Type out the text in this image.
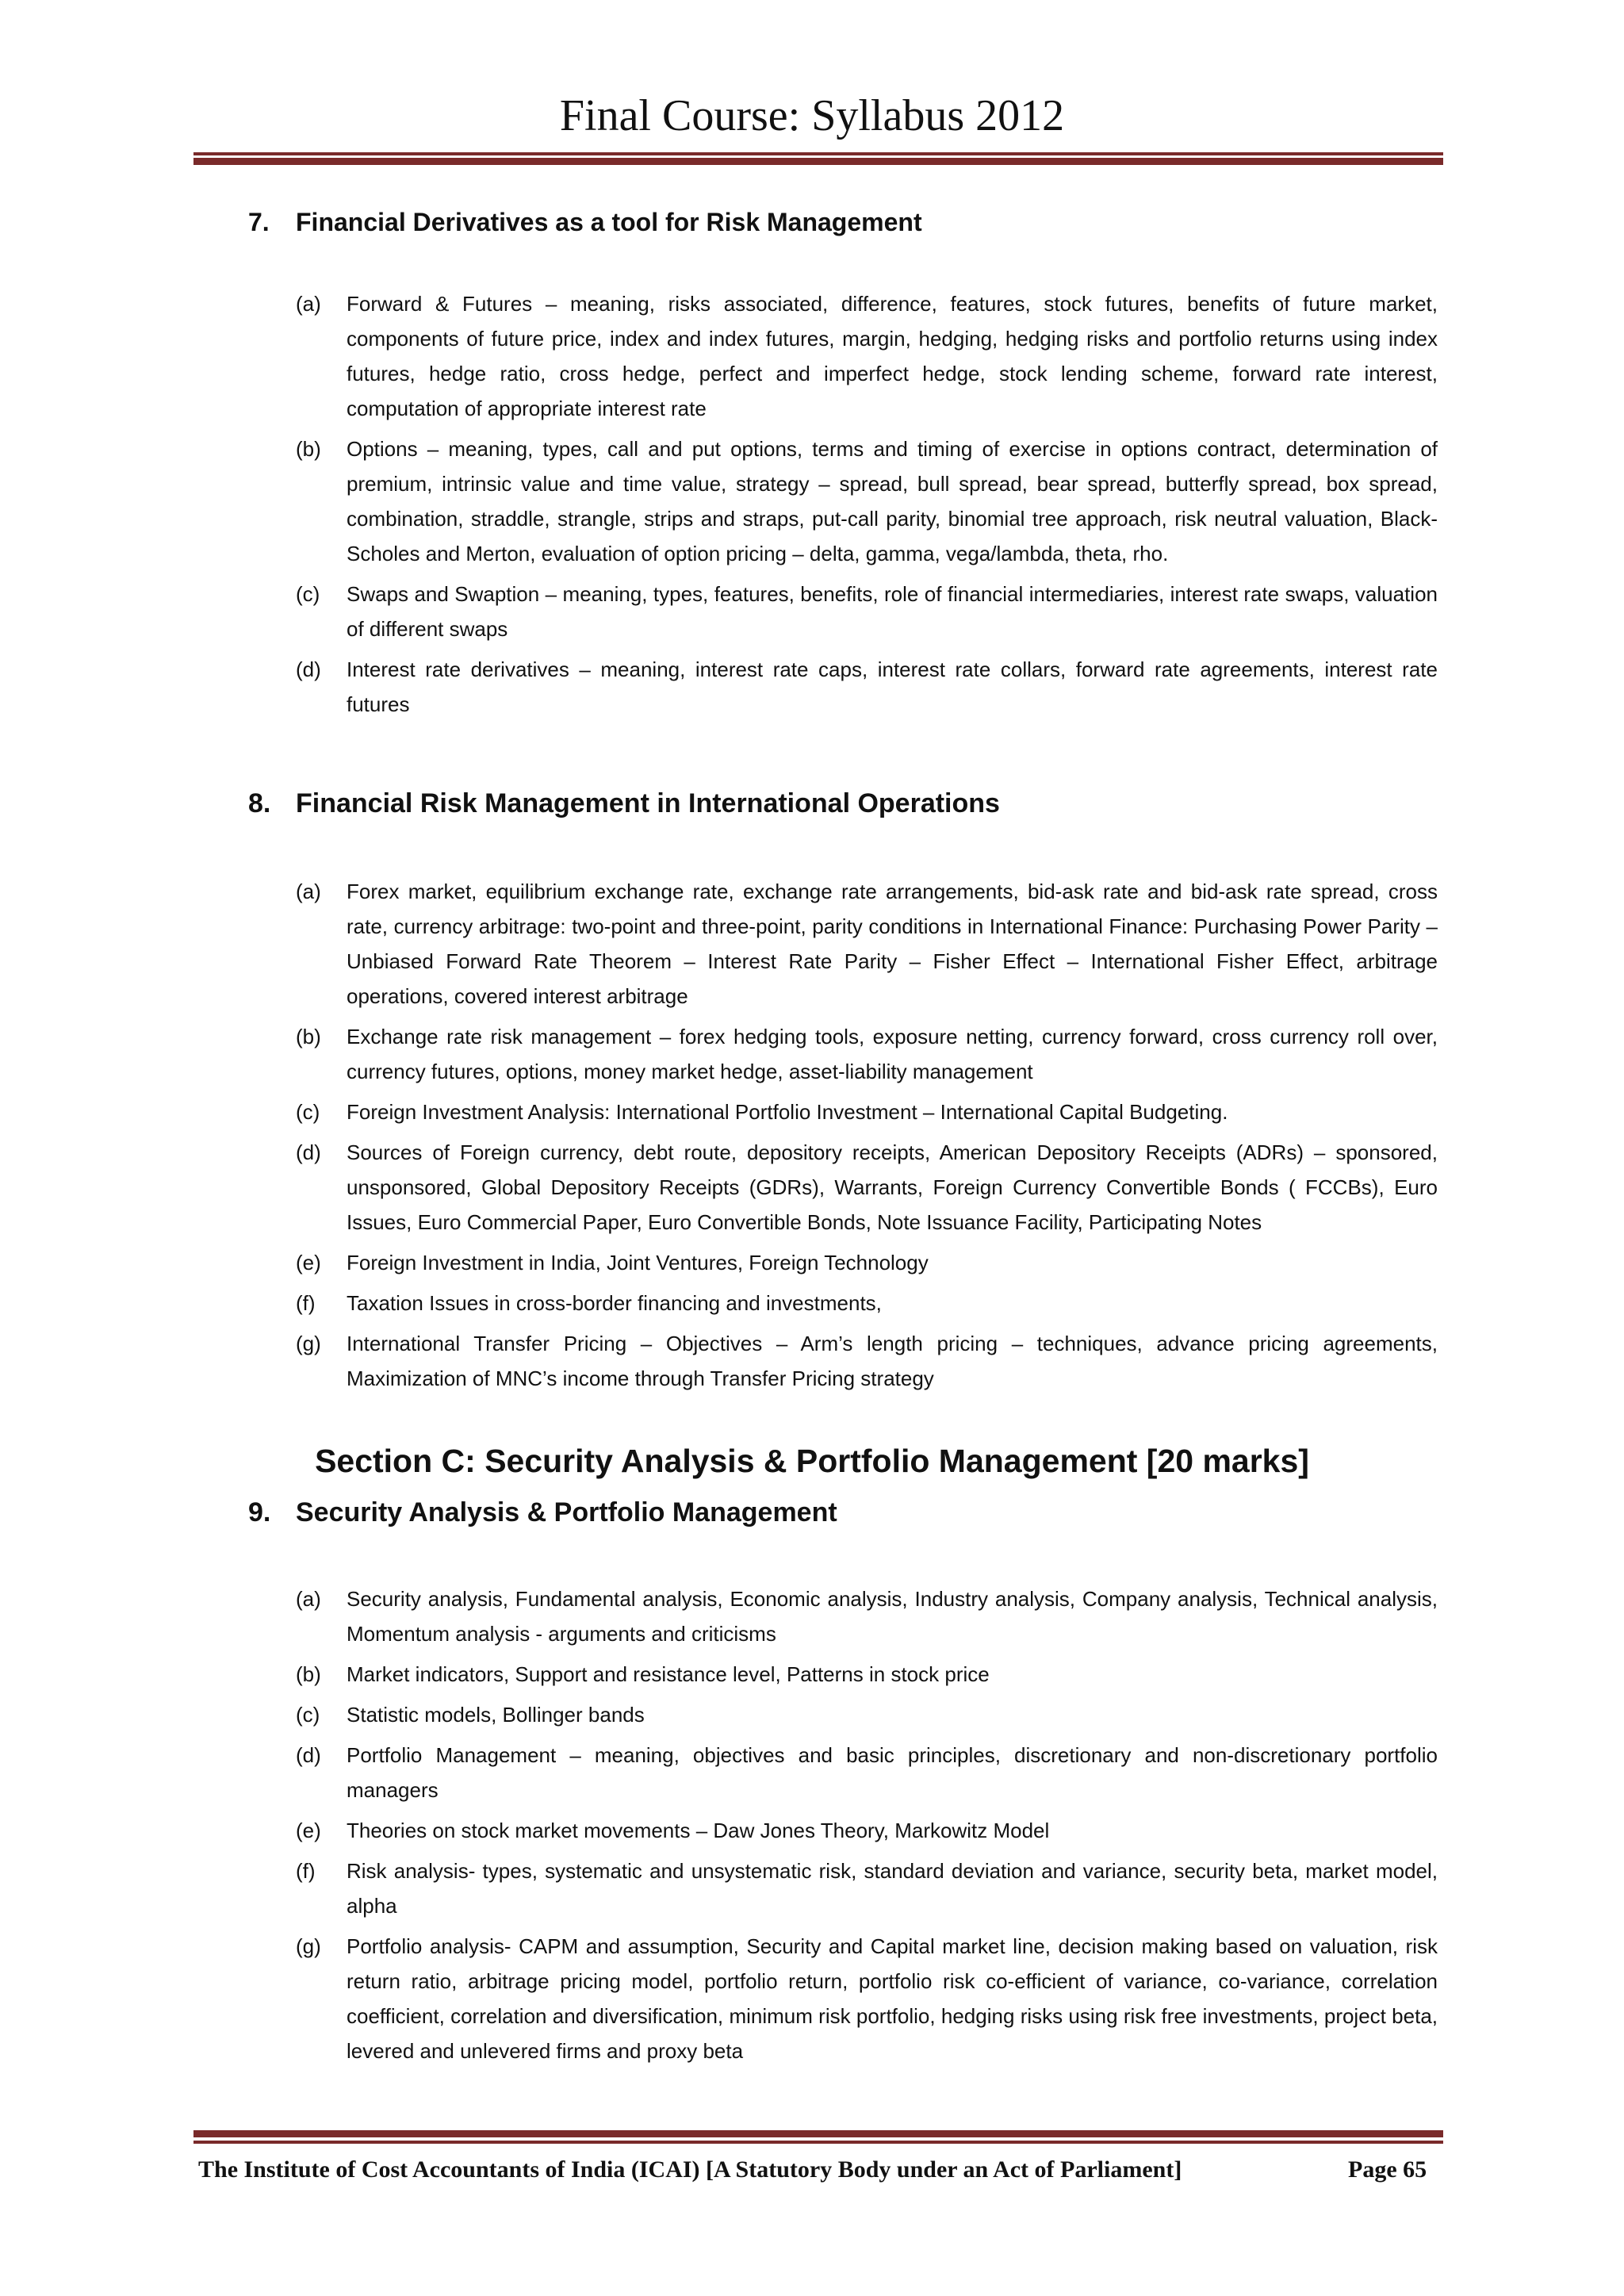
Final Course: Syllabus 2012
7. Financial Derivatives as a tool for Risk Management
(a) Forward & Futures – meaning, risks associated, difference, features, stock futures, benefits of future market, components of future price, index and index futures, margin, hedging, hedging risks and portfolio returns using index futures, hedge ratio, cross hedge, perfect and imperfect hedge, stock lending scheme, forward rate interest, computation of appropriate interest rate
(b) Options – meaning, types, call and put options, terms and timing of exercise in options contract, determination of premium, intrinsic value and time value, strategy – spread, bull spread, bear spread, butterfly spread, box spread, combination, straddle, strangle, strips and straps, put-call parity, binomial tree approach, risk neutral valuation, Black-Scholes and Merton, evaluation of option pricing – delta, gamma, vega/lambda, theta, rho.
(c) Swaps and Swaption – meaning, types, features, benefits, role of financial intermediaries, interest rate swaps, valuation of different swaps
(d) Interest rate derivatives – meaning, interest rate caps, interest rate collars, forward rate agreements, interest rate futures
8. Financial Risk Management in International Operations
(a) Forex market, equilibrium exchange rate, exchange rate arrangements, bid-ask rate and bid-ask rate spread, cross rate, currency arbitrage: two-point and three-point, parity conditions in International Finance: Purchasing Power Parity – Unbiased Forward Rate Theorem – Interest Rate Parity – Fisher Effect – International Fisher Effect, arbitrage operations, covered interest arbitrage
(b) Exchange rate risk management – forex hedging tools, exposure netting, currency forward, cross currency roll over, currency futures, options, money market hedge, asset-liability management
(c) Foreign Investment Analysis: International Portfolio Investment – International Capital Budgeting.
(d) Sources of Foreign currency, debt route, depository receipts, American Depository Receipts (ADRs) – sponsored, unsponsored, Global Depository Receipts (GDRs), Warrants, Foreign Currency Convertible Bonds ( FCCBs), Euro Issues, Euro Commercial Paper, Euro Convertible Bonds, Note Issuance Facility, Participating Notes
(e) Foreign Investment in India, Joint Ventures, Foreign Technology
(f) Taxation Issues in cross-border financing and investments,
(g) International Transfer Pricing – Objectives – Arm’s length pricing – techniques, advance pricing agreements, Maximization of MNC’s income through Transfer Pricing strategy
Section C: Security Analysis & Portfolio Management [20 marks]
9. Security Analysis & Portfolio Management
(a) Security analysis, Fundamental analysis, Economic analysis, Industry analysis, Company analysis, Technical analysis, Momentum analysis - arguments and criticisms
(b) Market indicators, Support and resistance level, Patterns in stock price
(c) Statistic models, Bollinger bands
(d) Portfolio Management – meaning, objectives and basic principles, discretionary and non-discretionary portfolio managers
(e) Theories on stock market movements – Daw Jones Theory, Markowitz Model
(f) Risk analysis- types, systematic and unsystematic risk, standard deviation and variance, security beta, market model, alpha
(g) Portfolio analysis- CAPM and assumption, Security and Capital market line, decision making based on valuation, risk return ratio, arbitrage pricing model, portfolio return, portfolio risk co-efficient of variance, co-variance, correlation coefficient, correlation and diversification, minimum risk portfolio, hedging risks using risk free investments, project beta, levered and unlevered firms and proxy beta
The Institute of Cost Accountants of India (ICAI) [A Statutory Body under an Act of Parliament]	Page 65
